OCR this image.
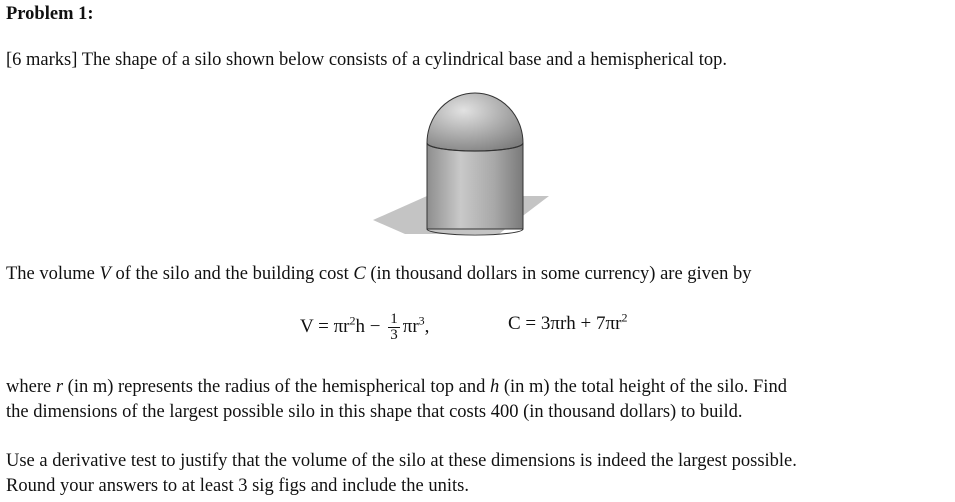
Problem 1:
[6 marks] The shape of a silo shown below consists of a cylindrical base and a hemispherical top.
The volume V of the silo and the building cost C (in thousand dollars in some currency) are given by
$V = \pi r^2h - \frac{1}{3} \pi r^3$,	$C = 3\pi rh + 7\pi r^2$
where r (in m) represents the radius of the hemispherical top and h (in m) the total height of the silo. Find
the dimensions of the largest possible silo in this shape that costs 400 (in thousand dollars) to build.
Use a derivative test to justify that the volume of the silo at these dimensions is indeed the largest possible.
Round your answers to at least 3 sig figs and include the units.
